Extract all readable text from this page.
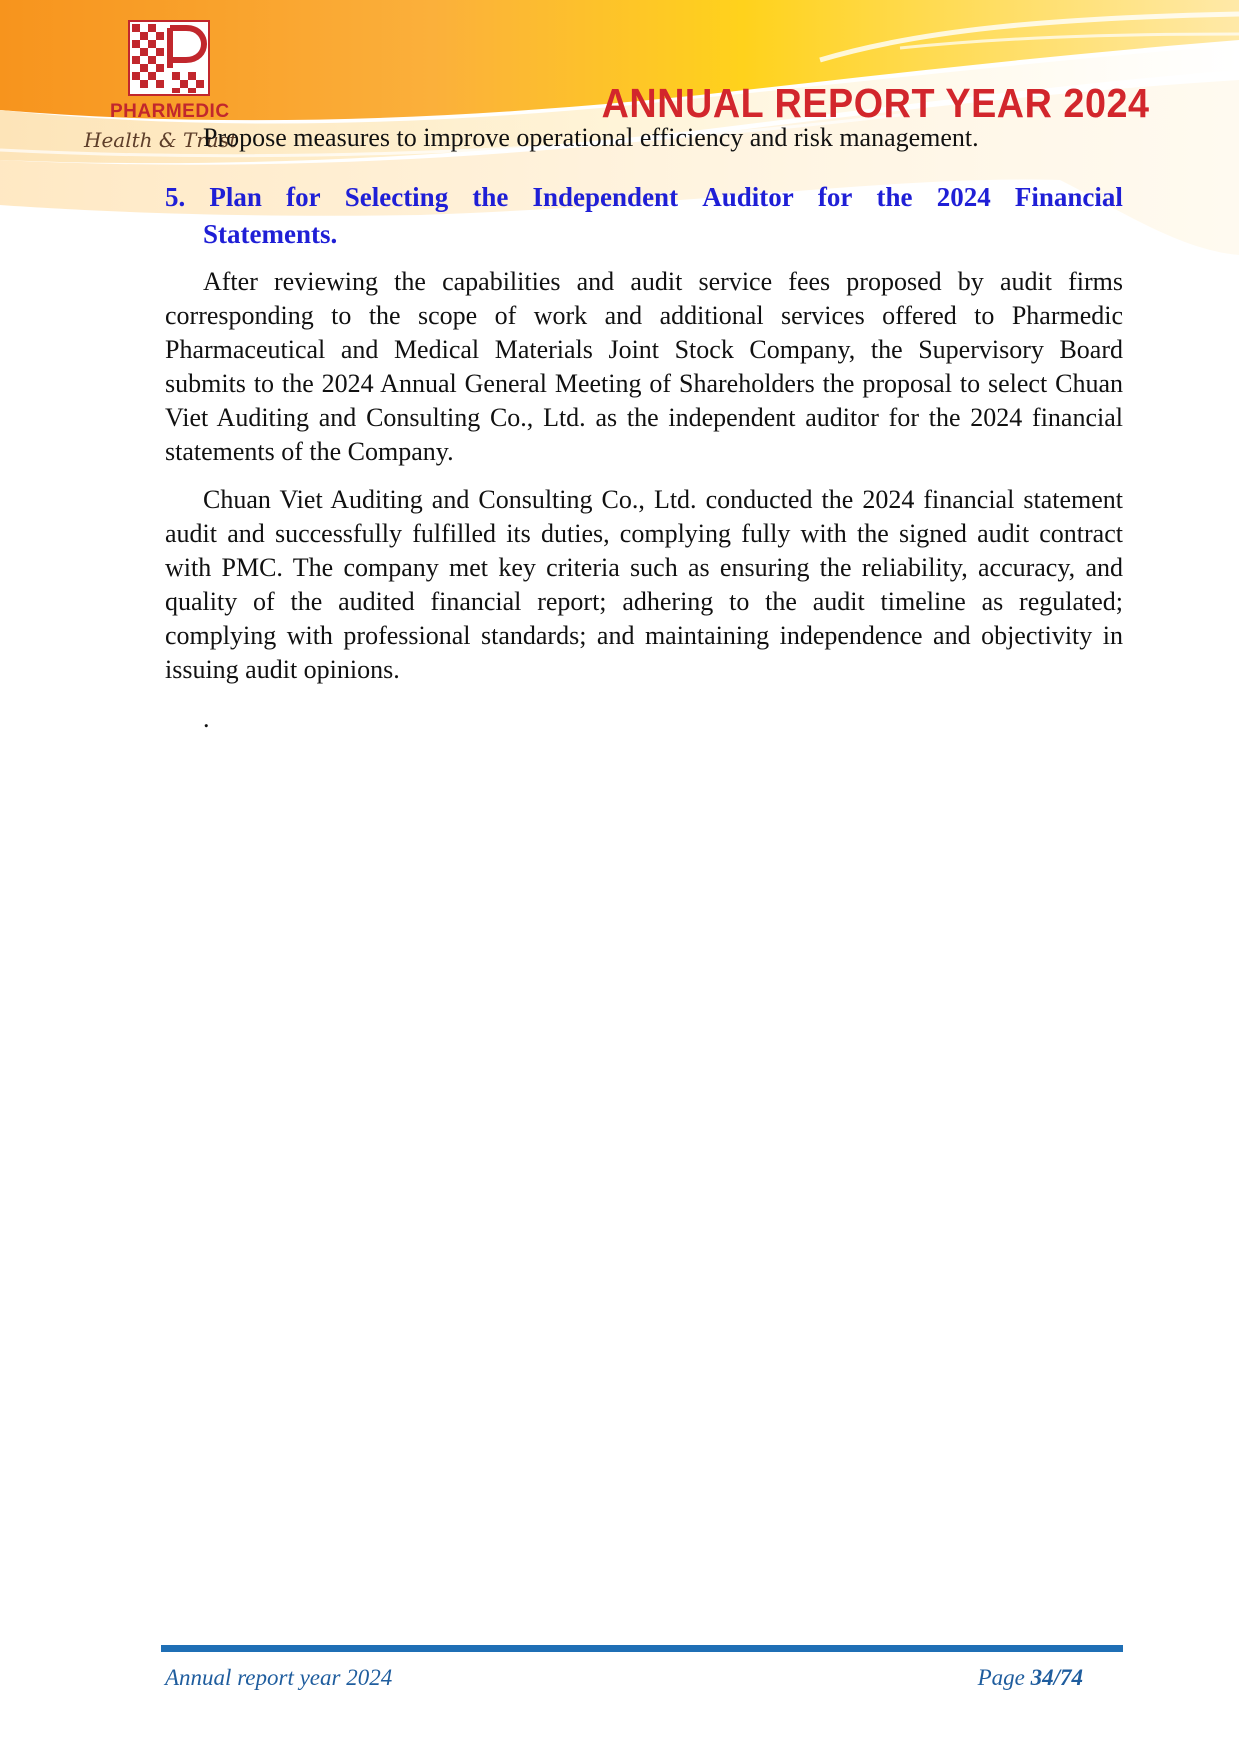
PHARMEDIC
Health & Trust
ANNUAL REPORT YEAR 2024
Propose measures to improve operational efficiency and risk management.
5. Plan for Selecting the Independent Auditor for the 2024 Financial
Statements.

After reviewing the capabilities and audit service fees proposed by audit firms corresponding to the scope of work and additional services offered to Pharmedic Pharmaceutical and Medical Materials Joint Stock Company, the Supervisory Board submits to the 2024 Annual General Meeting of Shareholders the proposal to select Chuan Viet Auditing and Consulting Co., Ltd. as the independent auditor for the 2024 financial statements of the Company.

Chuan Viet Auditing and Consulting Co., Ltd. conducted the 2024 financial statement audit and successfully fulfilled its duties, complying fully with the signed audit contract with PMC. The company met key criteria such as ensuring the reliability, accuracy, and quality of the audited financial report; adhering to the audit timeline as regulated; complying with professional standards; and maintaining independence and objectivity in issuing audit opinions.

.
Annual report year 2024	Page 34/74
